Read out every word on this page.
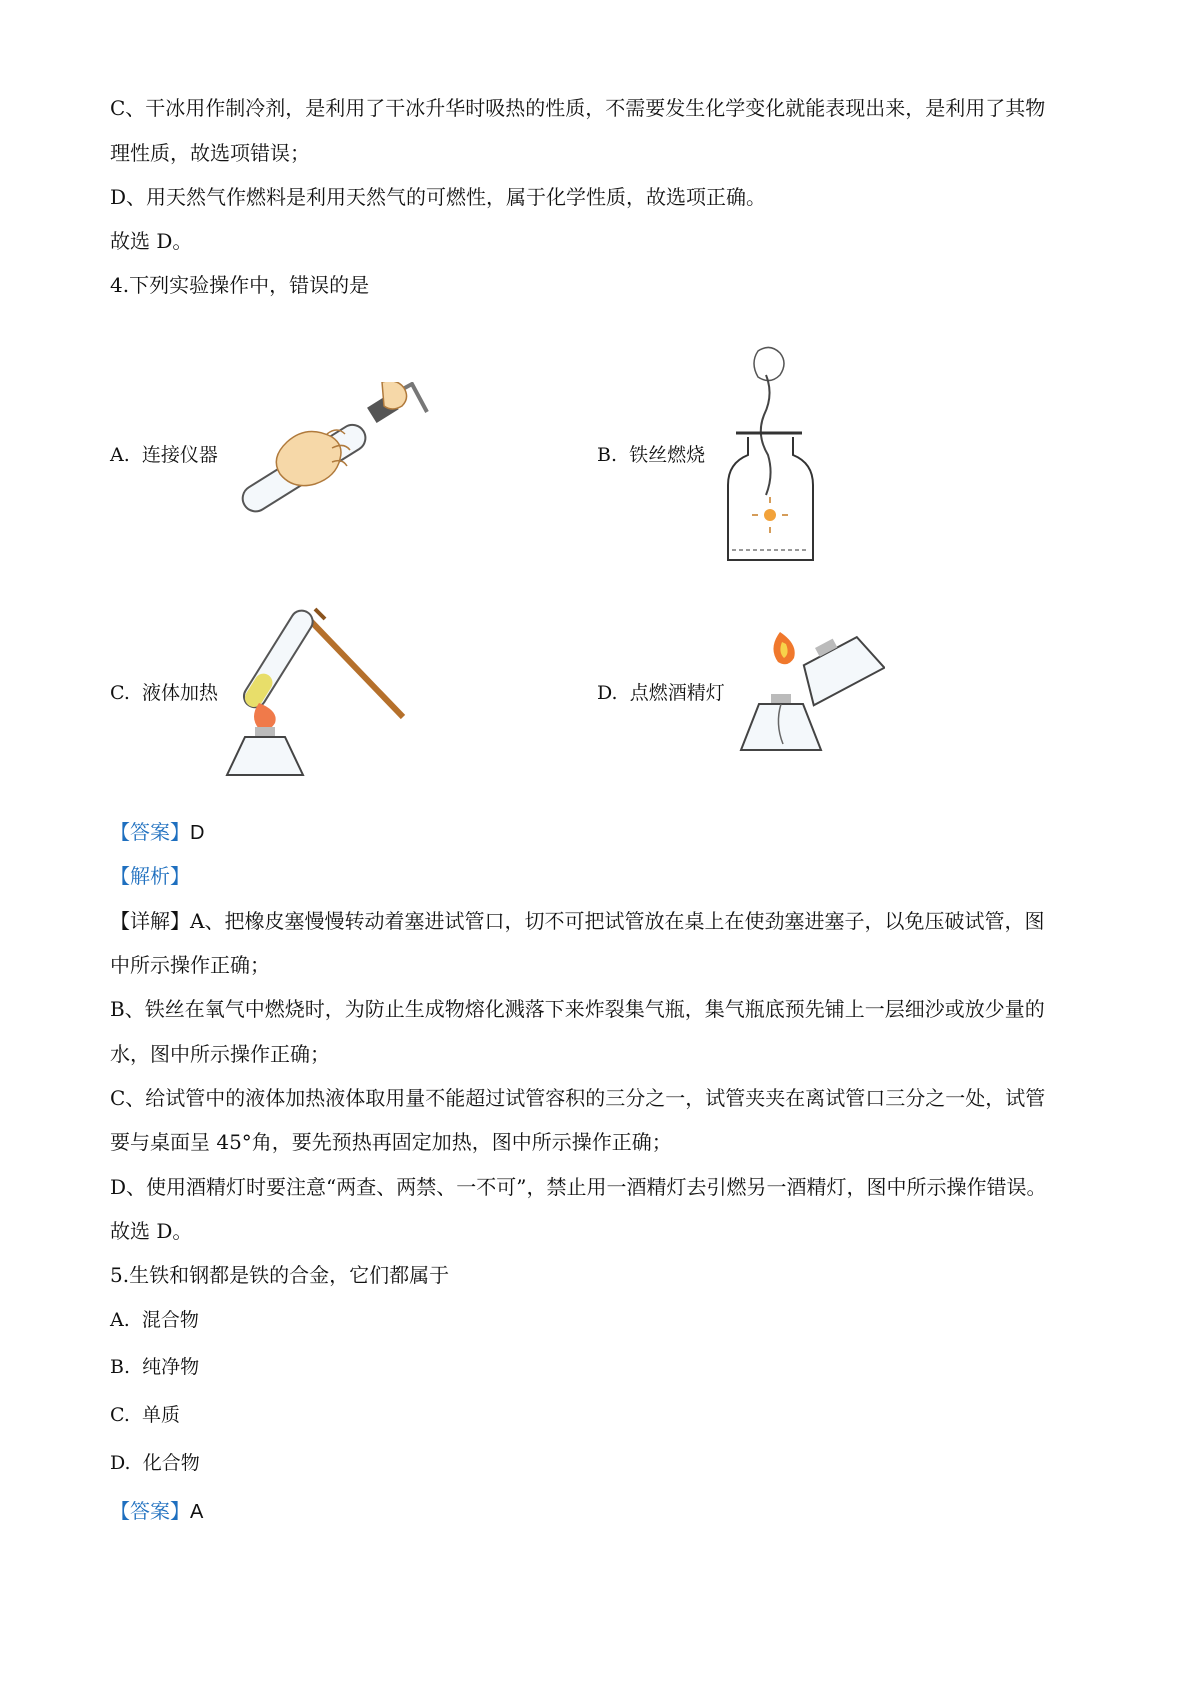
C、干冰用作制冷剂，是利用了干冰升华时吸热的性质，不需要发生化学变化就能表现出来，是利用了其物
理性质，故选项错误；
D、用天然气作燃料是利用天然气的可燃性，属于化学性质，故选项正确。
故选 D。
4.下列实验操作中，错误的是
A. 连接仪器	B. 铁丝燃烧
C. 液体加热	D. 点燃酒精灯
【答案】D
【解析】
【详解】A、把橡皮塞慢慢转动着塞进试管口，切不可把试管放在桌上在使劲塞进塞子，以免压破试管，图
中所示操作正确；
B、铁丝在氧气中燃烧时，为防止生成物熔化溅落下来炸裂集气瓶，集气瓶底预先铺上一层细沙或放少量的
水，图中所示操作正确；
C、给试管中的液体加热液体取用量不能超过试管容积的三分之一，试管夹夹在离试管口三分之一处，试管
要与桌面呈 45°角，要先预热再固定加热，图中所示操作正确；
D、使用酒精灯时要注意“两查、两禁、一不可”，禁止用一酒精灯去引燃另一酒精灯，图中所示操作错误。
故选 D。
5.生铁和钢都是铁的合金，它们都属于
A. 混合物
B. 纯净物
C. 单质
D. 化合物
【答案】A
